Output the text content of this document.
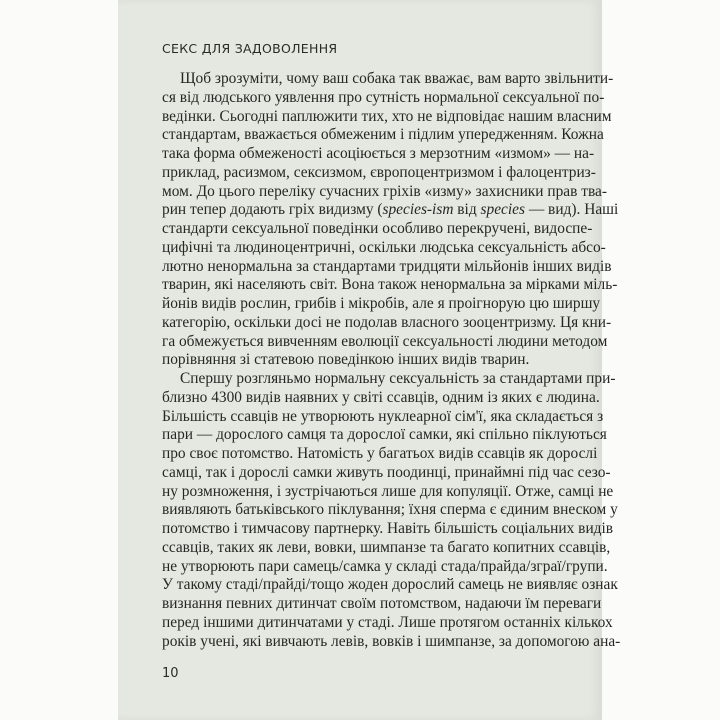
СЕКС ДЛЯ ЗАДОВОЛЕННЯ
Щоб зрозуміти, чому ваш собака так вважає, вам варто звільнити-
ся від людського уявлення про сутність нормальної сексуальної по-
ведінки. Сьогодні паплюжити тих, хто не відповідає нашим власним
стандартам, вважається обмеженим і підлим упередженням. Кожна
така форма обмеженості асоціюється з мерзотним «измом» — на-
приклад, расизмом, сексизмом, європоцентризмом і фалоцентриз-
мом. До цього переліку сучасних гріхів «изму» захисники прав тва-
рин тепер додають гріх видизму (species-ism від species — вид). Наші
стандарти сексуальної поведінки особливо перекручені, видоспе-
цифічні та людиноцентричні, оскільки людська сексуальність абсо-
лютно ненормальна за стандартами тридцяти мільйонів інших видів
тварин, які населяють світ. Вона також ненормальна за мірками міль-
йонів видів рослин, грибів і мікробів, але я проігнорую цю ширшу
категорію, оскільки досі не подолав власного зооцентризму. Ця кни-
га обмежується вивченням еволюції сексуальності людини методом
порівняння зі статевою поведінкою інших видів тварин.
Спершу розгляньмо нормальну сексуальність за стандартами при-
близно 4300 видів наявних у світі ссавців, одним із яких є людина.
Більшість ссавців не утворюють нуклеарної сім'ї, яка складається з
пари — дорослого самця та дорослої самки, які спільно піклуються
про своє потомство. Натомість у багатьох видів ссавців як дорослі
самці, так і дорослі самки живуть поодинці, принаймні під час сезо-
ну розмноження, і зустрічаються лише для копуляції. Отже, самці не
виявляють батьківського піклування; їхня сперма є єдиним внеском у
потомство і тимчасову партнерку. Навіть більшість соціальних видів
ссавців, таких як леви, вовки, шимпанзе та багато копитних ссавців,
не утворюють пари самець/самка у складі стада/прайда/зграї/групи.
У такому стаді/прайді/тощо жоден дорослий самець не виявляє ознак
визнання певних дитинчат своїм потомством, надаючи їм переваги
перед іншими дитинчатами у стаді. Лише протягом останніх кількох
років учені, які вивчають левів, вовків і шимпанзе, за допомогою ана-
10
